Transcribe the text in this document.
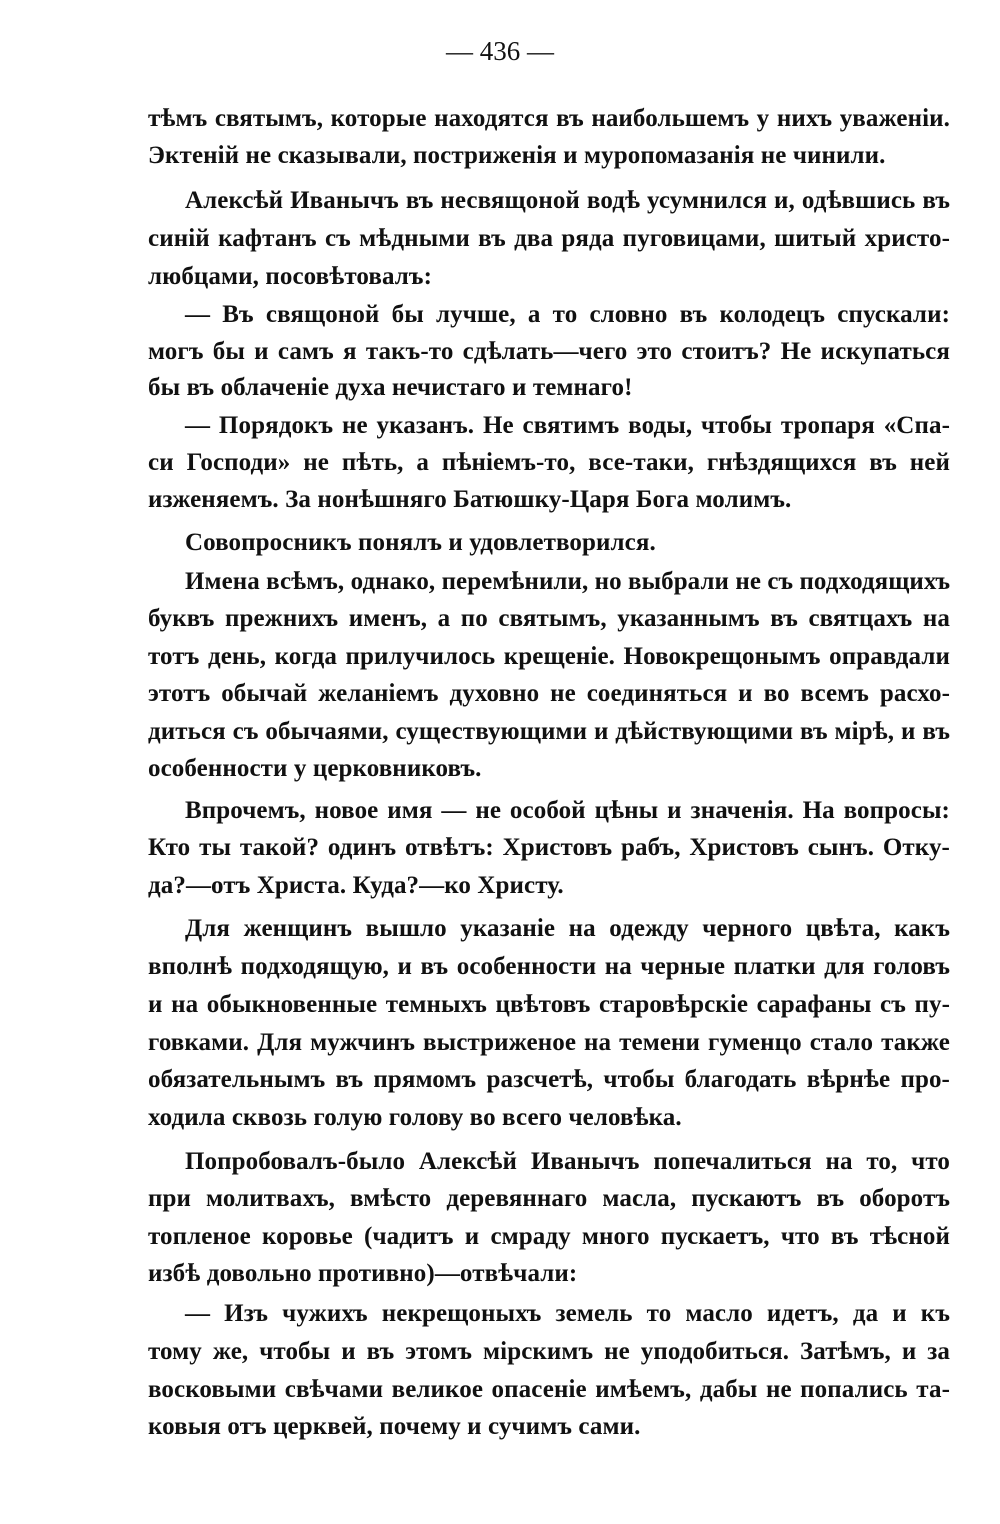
— 436 —
тѣмъ святымъ, которые находятся въ наибольшемъ у нихъ уваженіи.
Эктеній не сказывали, постриженія и муропомазанія не чинили.
Алексѣй Иванычъ въ несвящоной водѣ усумнился и, одѣвшись въ
синій кафтанъ съ мѣдными въ два ряда пуговицами, шитый христо-
любцами, посовѣтовалъ:
— Въ свящоной бы лучше, а то словно въ колодецъ спускали:
могъ бы и самъ я такъ-то сдѣлать—чего это стоитъ? Не искупаться
бы въ облаченіе духа нечистаго и темнаго!
— Порядокъ не указанъ. Не святимъ воды, чтобы тропаря «Спа-
си Господи» не пѣть, а пѣніемъ-то, все-таки, гнѣздящихся въ ней
изженяемъ. За нонѣшняго Батюшку-Царя Бога молимъ.
Совопросникъ понялъ и удовлетворился.
Имена всѣмъ, однако, перемѣнили, но выбрали не съ подходящихъ
буквъ прежнихъ именъ, а по святымъ, указаннымъ въ святцахъ на
тотъ день, когда прилучилось крещеніе. Новокрещонымъ оправдали
этотъ обычай желаніемъ духовно не соединяться и во всемъ расхо-
диться съ обычаями, существующими и дѣйствующими въ мірѣ, и въ
особенности у церковниковъ.
Впрочемъ, новое имя — не особой цѣны и значенія. На вопросы:
Кто ты такой? одинъ отвѣтъ: Христовъ рабъ, Христовъ сынъ. Отку-
да?—отъ Христа. Куда?—ко Христу.
Для женщинъ вышло указаніе на одежду черного цвѣта, какъ
вполнѣ подходящую, и въ особенности на черные платки для головъ
и на обыкновенные темныхъ цвѣтовъ старовѣрскіе сарафаны съ пу-
говками. Для мужчинъ выстриженое на темени гуменцо стало также
обязательнымъ въ прямомъ разсчетѣ, чтобы благодать вѣрнѣе про-
ходила сквозь голую голову во всего человѣка.
Попробовалъ-было Алексѣй Иванычъ попечалиться на то, что
при молитвахъ, вмѣсто деревяннаго масла, пускаютъ въ оборотъ
топленое коровье (чадитъ и смраду много пускаетъ, что въ тѣсной
избѣ довольно противно)—отвѣчали:
— Изъ чужихъ некрещоныхъ земель то масло идетъ, да и къ
тому же, чтобы и въ этомъ мірскимъ не уподобиться. Затѣмъ, и за
восковыми свѣчами великое опасеніе имѣемъ, дабы не попались та-
ковыя отъ церквей, почему и сучимъ сами.
